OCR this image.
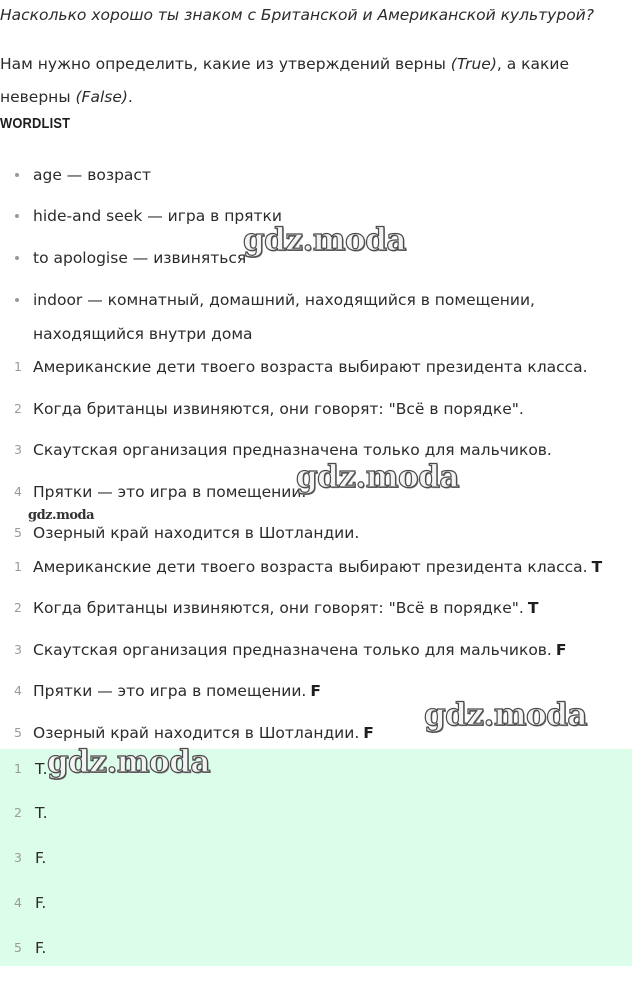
Насколько хорошо ты знаком с Британской и Американской культурой?
Нам нужно определить, какие из утверждений верны (True), а какие неверны (False).
WORDLIST
age — возраст
hide-and seek — игра в прятки
to apologise — извиняться
indoor — комнатный, домашний, находящийся в помещении, находящийся внутри дома
1 Американские дети твоего возраста выбирают президента класса.
2 Когда британцы извиняются, они говорят: "Всё в порядке".
3 Скаутская организация предназначена только для мальчиков.
4 Прятки — это игра в помещении.
5 Озерный край находится в Шотландии.
1 Американские дети твоего возраста выбирают президента класса. T
2 Когда британцы извиняются, они говорят: "Всё в порядке". T
3 Скаутская организация предназначена только для мальчиков. F
4 Прятки — это игра в помещении. F
5 Озерный край находится в Шотландии. F
1 T.
2 T.
3 F.
4 F.
5 F.
gdz.moda
gdz.moda
gdz.moda
gdz.moda
gdz.moda
